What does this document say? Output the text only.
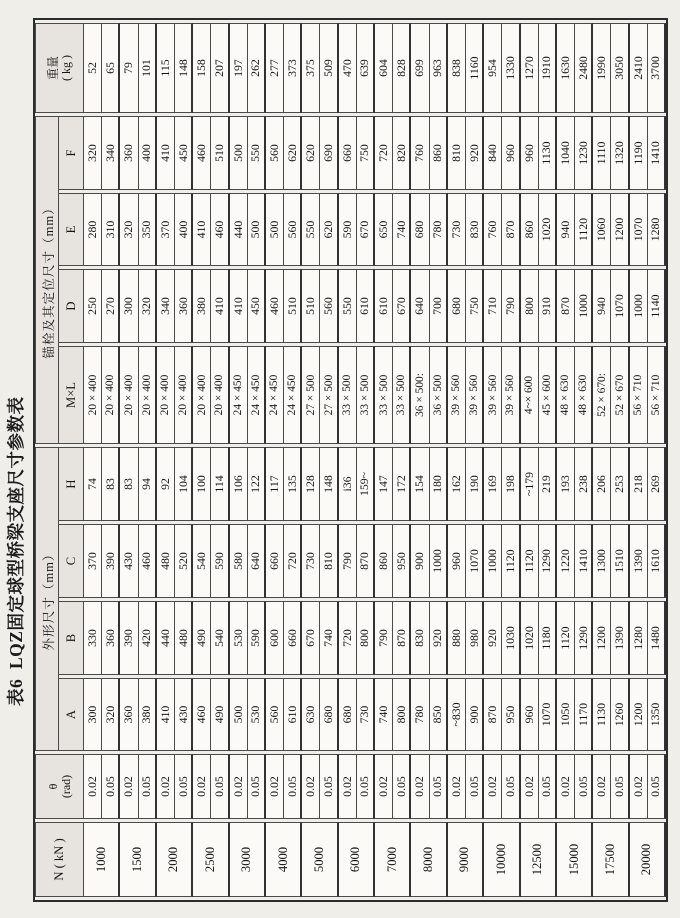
表6  LQZ固定球型桥梁支座尺寸参数表
N ( kN )	θ
(rad)	外形尺寸（mm）				锚栓及其定位尺寸（mm）				重量
( kg )
		A	B	C	H	M×L	D	E	F	
1000	0.02	300	330	370	74	20 × 400	250	280	320	52
	0.05	320	360	390	83	20 × 400	270	310	340	65
1500	0.02	360	390	430	83	20 × 400	300	320	360	79
	0.05	380	420	460	94	20 × 400	320	350	400	101
2000	0.02	410	440	480	92	20 × 400	340	370	410	115
	0.05	430	480	520	104	20 × 400	360	400	450	148
2500	0.02	460	490	540	100	20 × 400	380	410	460	158
	0.05	490	540	590	114	20 × 400	410	460	510	207
3000	0.02	500	530	580	106	24 × 450	410	440	500	197
	0.05	530	590	640	122	24 × 450	450	500	550	262
4000	0.02	560	600	660	117	24 × 450	460	500	560	277
	0.05	610	660	720	135	24 × 450	510	560	620	373
5000	0.02	630	670	730	128	27 × 500	510	550	620	375
	0.05	680	740	810	148	27 × 500	560	620	690	509
6000	0.02	680	720	790	i36	33 × 500	550	590	660	470
	0.05	730	800	870	159~	33 × 500	610	670	750	639
7000	0.02	740	790	860	147	33 × 500	610	650	720	604
	0.05	800	870	950	172	33 × 500	670	740	820	828
8000	0.02	780	830	900	154	36 × 500:	640	680	760	699
	0.05	850	920	1000	180	36 × 500	700	780	860	963
9000	0.02	~830	880	960	162	39 × 560	680	730	810	838
	0.05	900	980	1070	190	39 × 560	750	830	920	1160
10000	0.02	870	920	1000	169	39 × 560	710	760	840	954
	0.05	950	1030	1120	198	39 × 560	790	870	960	1330
12500	0.02	960	1020	1120	~179	4~× 600	800	860	960	1270
	0.05	1070	1180	1290	219	45 × 600	910	1020	1130	1910
15000	0.02	1050	1120	1220	193	48 × 630	870	940	1040	1630
	0.05	1170	1290	1410	238	48 × 630	1000	1120	1230	2480
17500	0.02	1130	1200	1300	206	52 × 670:	940	1060	1110	1990
	0.05	1260	1390	1510	253	52 × 670	1070	1200	1320	3050
20000	0.02	1200	1280	1390	218	56 × 710	1000	1070	1190	2410
	0.05	1350	1480	1610	269	56 × 710	1140	1280	1410	3700
